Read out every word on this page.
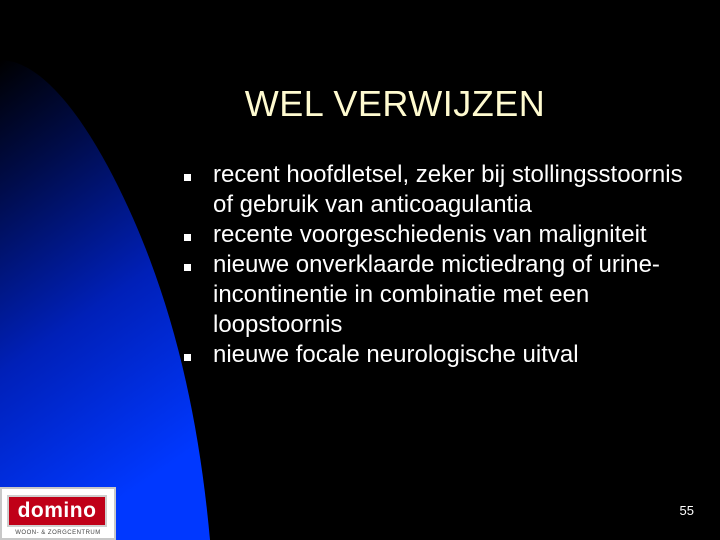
WEL VERWIJZEN
recent hoofdletsel, zeker bij stollingsstoornis of gebruik van anticoagulantia
recente voorgeschiedenis van maligniteit
nieuwe onverklaarde mictiedrang of urine-incontinentie in combinatie met een loopstoornis
nieuwe focale neurologische uitval
domino
WOON- & ZORGCENTRUM
55
